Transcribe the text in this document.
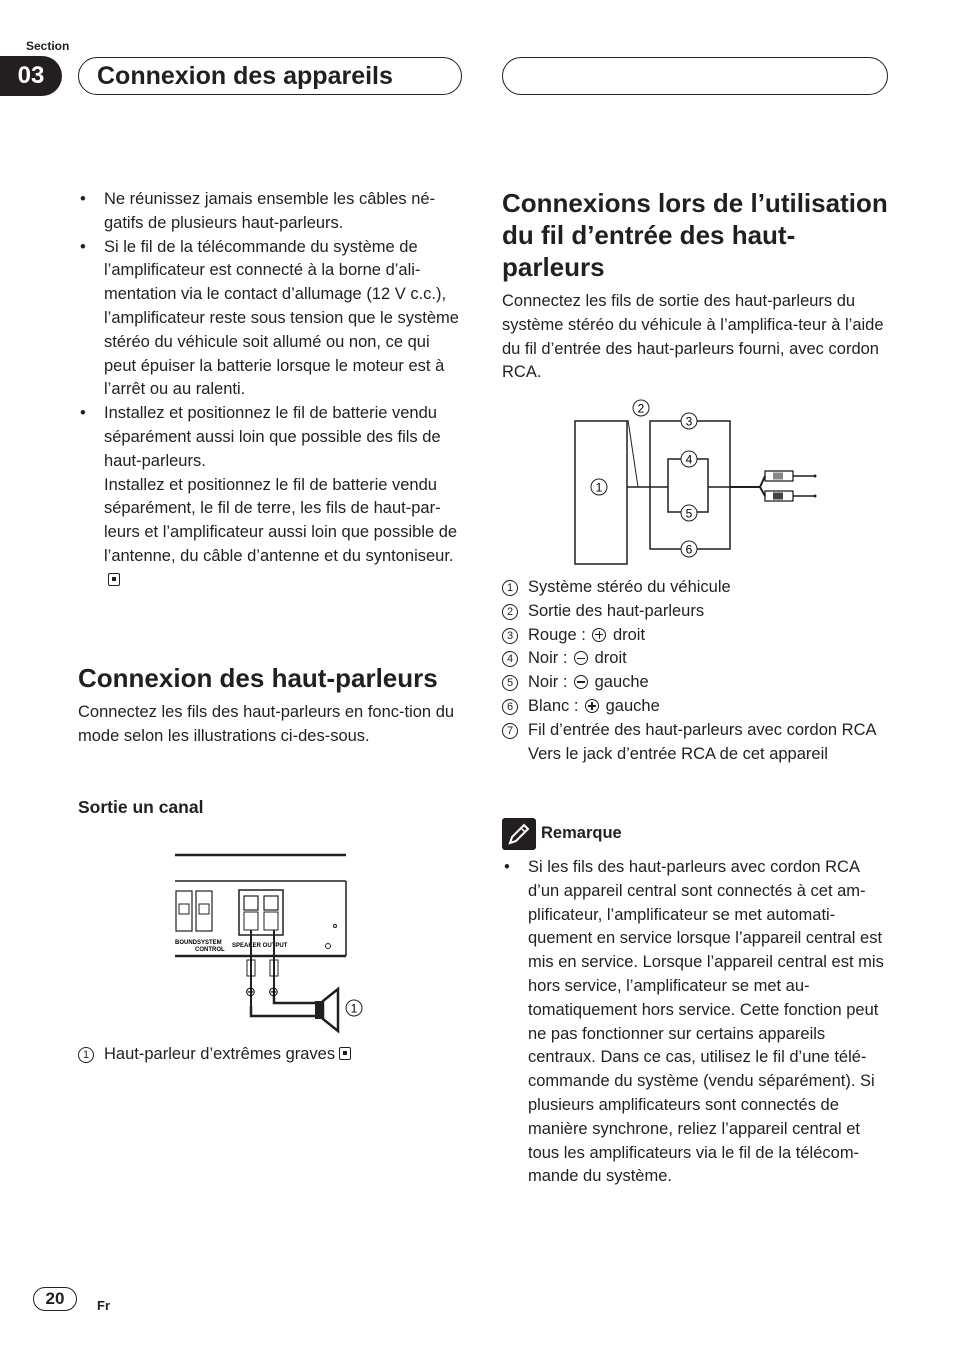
Section
03	Connexion des appareils
• Ne réunissez jamais ensemble les câbles né-gatifs de plusieurs haut-parleurs.
• Si le fil de la télécommande du système de l’amplificateur est connecté à la borne d’ali-mentation via le contact d’allumage (12 V c.c.), l’amplificateur reste sous tension que le système stéréo du véhicule soit allumé ou non, ce qui peut épuiser la batterie lorsque le moteur est à l’arrêt ou au ralenti.
• Installez et positionnez le fil de batterie vendu séparément aussi loin que possible des fils de haut-parleurs.
Installez et positionnez le fil de batterie vendu séparément, le fil de terre, les fils de haut-par-leurs et l’amplificateur aussi loin que possible de l’antenne, du câble d’antenne et du syntoniseur.
Connexion des haut-parleurs
Connectez les fils des haut-parleurs en fonc-tion du mode selon les illustrations ci-des-sous.
Sortie un canal
BOUND SYSTEM
CONTROL
SPEAKER OUTPUT
⊖ ⊕
1
1 Haut-parleur d’extrêmes graves
Connexions lors de l’utilisation du fil d’entrée des haut-parleurs
Connectez les fils de sortie des haut-parleurs du système stéréo du véhicule à l’amplifica-teur à l’aide du fil d’entrée des haut-parleurs fourni, avec cordon RCA.
1
2
3
4
5
6
1 Système stéréo du véhicule
2 Sortie des haut-parleurs
3 Rouge :  droit
4 Noir :  droit
5 Noir :  gauche
6 Blanc :  gauche
7 Fil d’entrée des haut-parleurs avec cordon RCA
Vers le jack d’entrée RCA de cet appareil
Remarque
• Si les fils des haut-parleurs avec cordon RCA d’un appareil central sont connectés à cet am-plificateur, l’amplificateur se met automati-quement en service lorsque l’appareil central est mis en service. Lorsque l’appareil central est mis hors service, l’amplificateur se met au-tomatiquement hors service. Cette fonction peut ne pas fonctionner sur certains appareils centraux. Dans ce cas, utilisez le fil d’une télé-commande du système (vendu séparément). Si plusieurs amplificateurs sont connectés de manière synchrone, reliez l’appareil central et tous les amplificateurs via le fil de la télécom-mande du système.
20	Fr
